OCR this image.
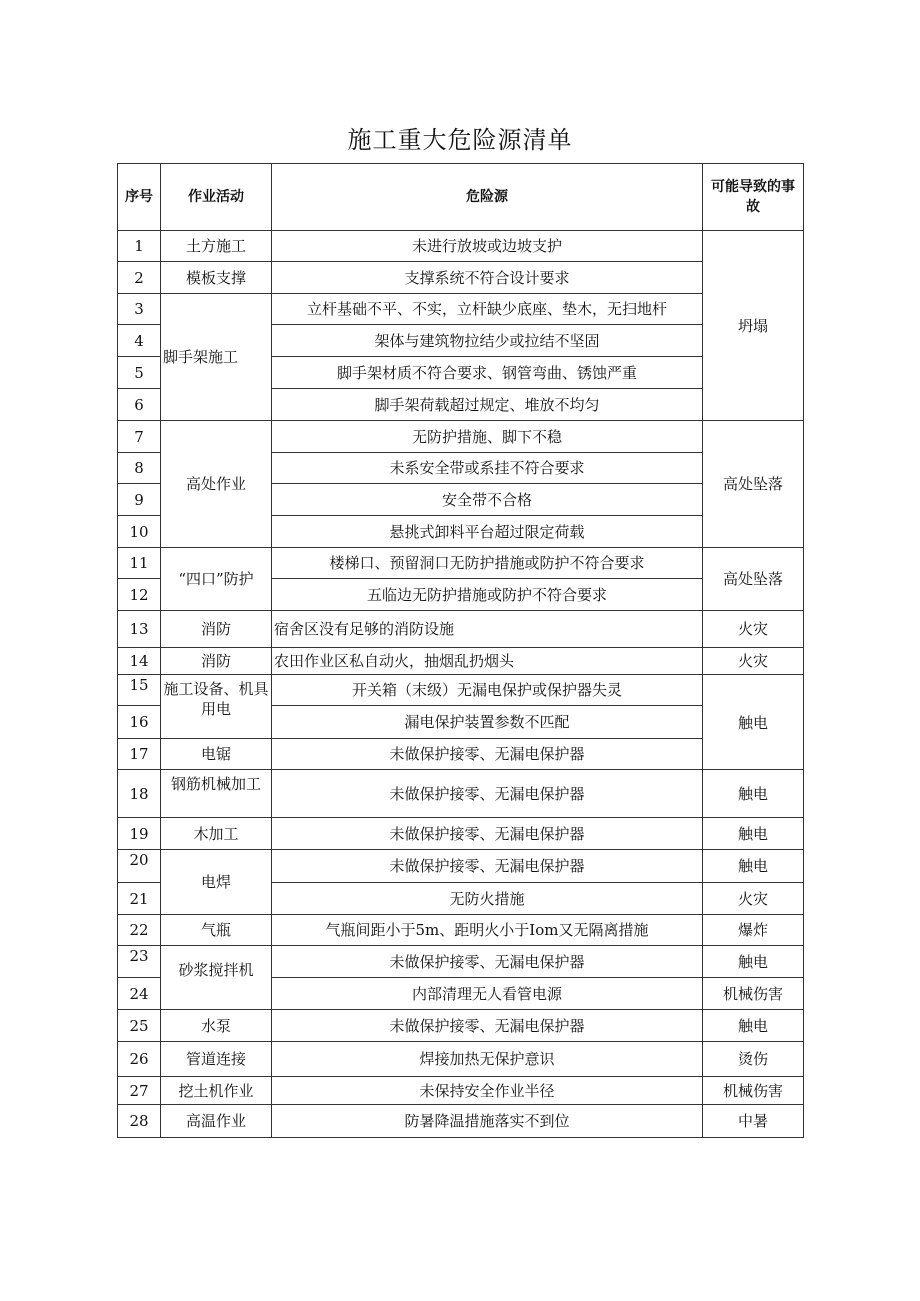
施工重大危险源清单
序号	作业活动	危险源	可能导致的事故
1	土方施工	未进行放坡或边坡支护	坍塌
2	模板支撑	支撑系统不符合设计要求	
3	脚手架施工	立杆基础不平、不实，立杆缺少底座、垫木，无扫地杆	
4		架体与建筑物拉结少或拉结不坚固	
5		脚手架材质不符合要求、钢管弯曲、锈蚀严重	
6		脚手架荷载超过规定、堆放不均匀	
7	高处作业	无防护措施、脚下不稳	高处坠落
8		未系安全带或系挂不符合要求	
9		安全带不合格	
10		悬挑式卸料平台超过限定荷载	
11	“四口”防护	楼梯口、预留洞口无防护措施或防护不符合要求	高处坠落
12		五临边无防护措施或防护不符合要求	
13	消防	宿舍区没有足够的消防设施	火灾
14	消防	农田作业区私自动火，抽烟乱扔烟头	火灾
15	施工设备、机具用电	开关箱（末级）无漏电保护或保护器失灵	触电
16		漏电保护装置参数不匹配	
17	电锯	未做保护接零、无漏电保护器	
18	钢筋机械加工	未做保护接零、无漏电保护器	触电
19	木加工	未做保护接零、无漏电保护器	触电
20	电焊	未做保护接零、无漏电保护器	触电
21		无防火措施	火灾
22	气瓶	气瓶间距小于5m、距明火小于Iom又无隔离措施	爆炸
23	砂浆搅拌机	未做保护接零、无漏电保护器	触电
24		内部清理无人看管电源	机械伤害
25	水泵	未做保护接零、无漏电保护器	触电
26	管道连接	焊接加热无保护意识	烫伤
27	挖土机作业	未保持安全作业半径	机械伤害
28	高温作业	防暑降温措施落实不到位	中暑
